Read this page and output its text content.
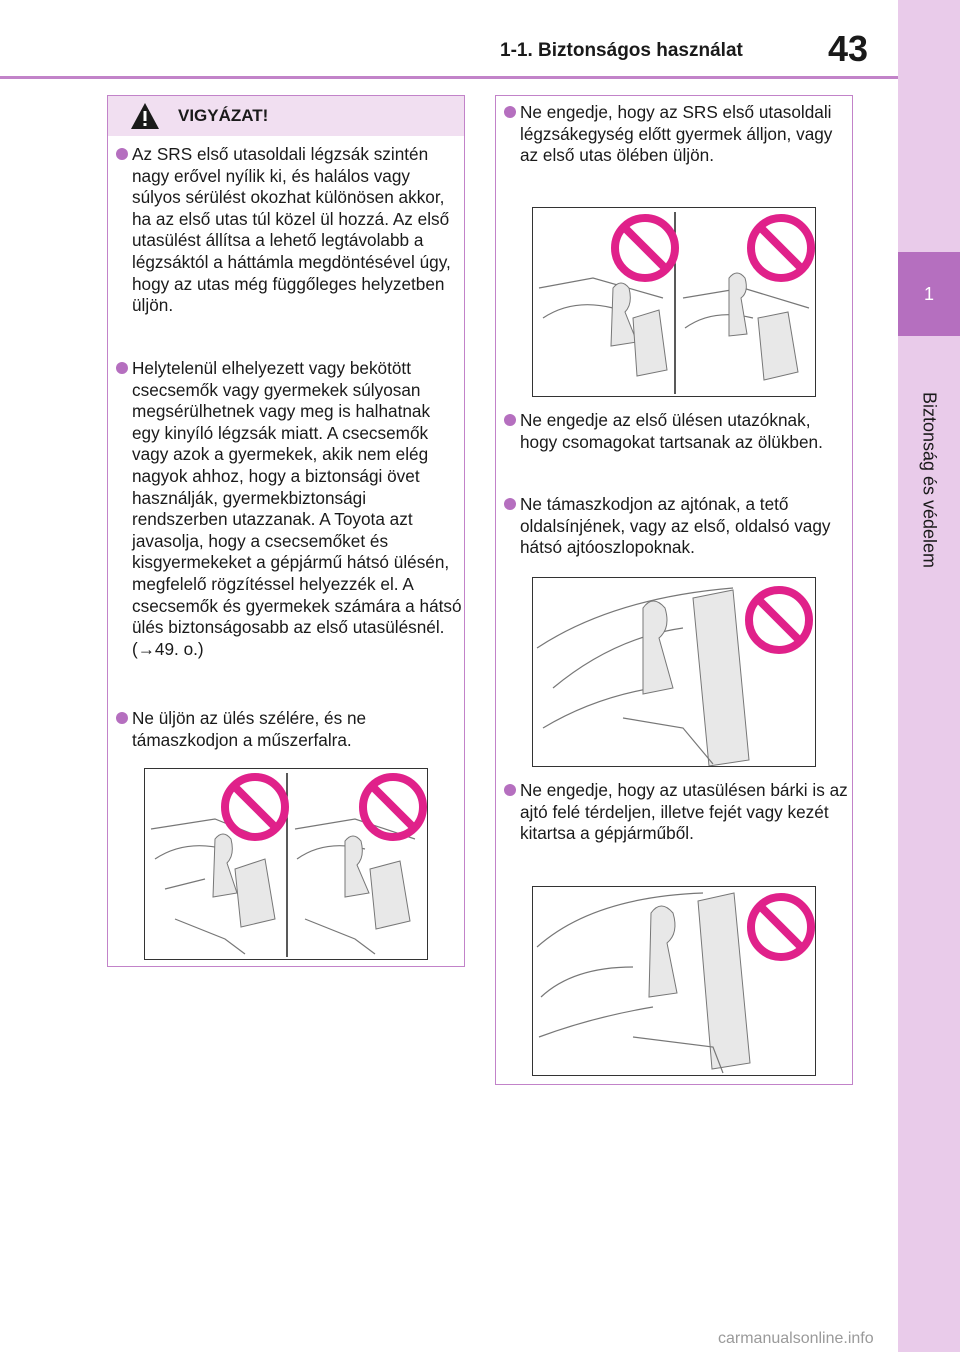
1-1. Biztonságos használat 43
1
Biztonság és védelem
VIGYÁZAT!

Az SRS első utasoldali légzsák szintén nagy erővel nyílik ki, és halálos vagy súlyos sérülést okozhat különösen akkor, ha az első utas túl közel ül hozzá. Az első utasülést állítsa a lehető legtávolabb a légzsáktól a háttámla megdöntésével úgy, hogy az utas még függőleges helyzetben üljön.

Helytelenül elhelyezett vagy bekötött csecsemők vagy gyermekek súlyosan megsérülhetnek vagy meg is halhatnak egy kinyíló légzsák miatt. A csecsemők vagy azok a gyermekek, akik nem elég nagyok ahhoz, hogy a biztonsági övet használják, gyermekbiztonsági rendszerben utazzanak. A Toyota azt javasolja, hogy a csecsemőket és kisgyermekeket a gépjármű hátsó ülésén, megfelelő rögzítéssel helyezzék el. A csecsemők és gyermekek számára a hátsó ülés biztonságosabb az első utasülésnél. (→49. o.)

Ne üljön az ülés szélére, és ne támaszkodjon a műszerfalra.

Ne engedje, hogy az SRS első utasoldali légzsákegység előtt gyermek álljon, vagy az első utas ölében üljön.

Ne engedje az első ülésen utazóknak, hogy csomagokat tartsanak az ölükben.

Ne támaszkodjon az ajtónak, a tető oldalsínjének, vagy az első, oldalsó vagy hátsó ajtóoszlopoknak.

Ne engedje, hogy az utasülésen bárki is az ajtó felé térdeljen, illetve fejét vagy kezét kitartsa a gépjárműből.

carmanualsonline.info
